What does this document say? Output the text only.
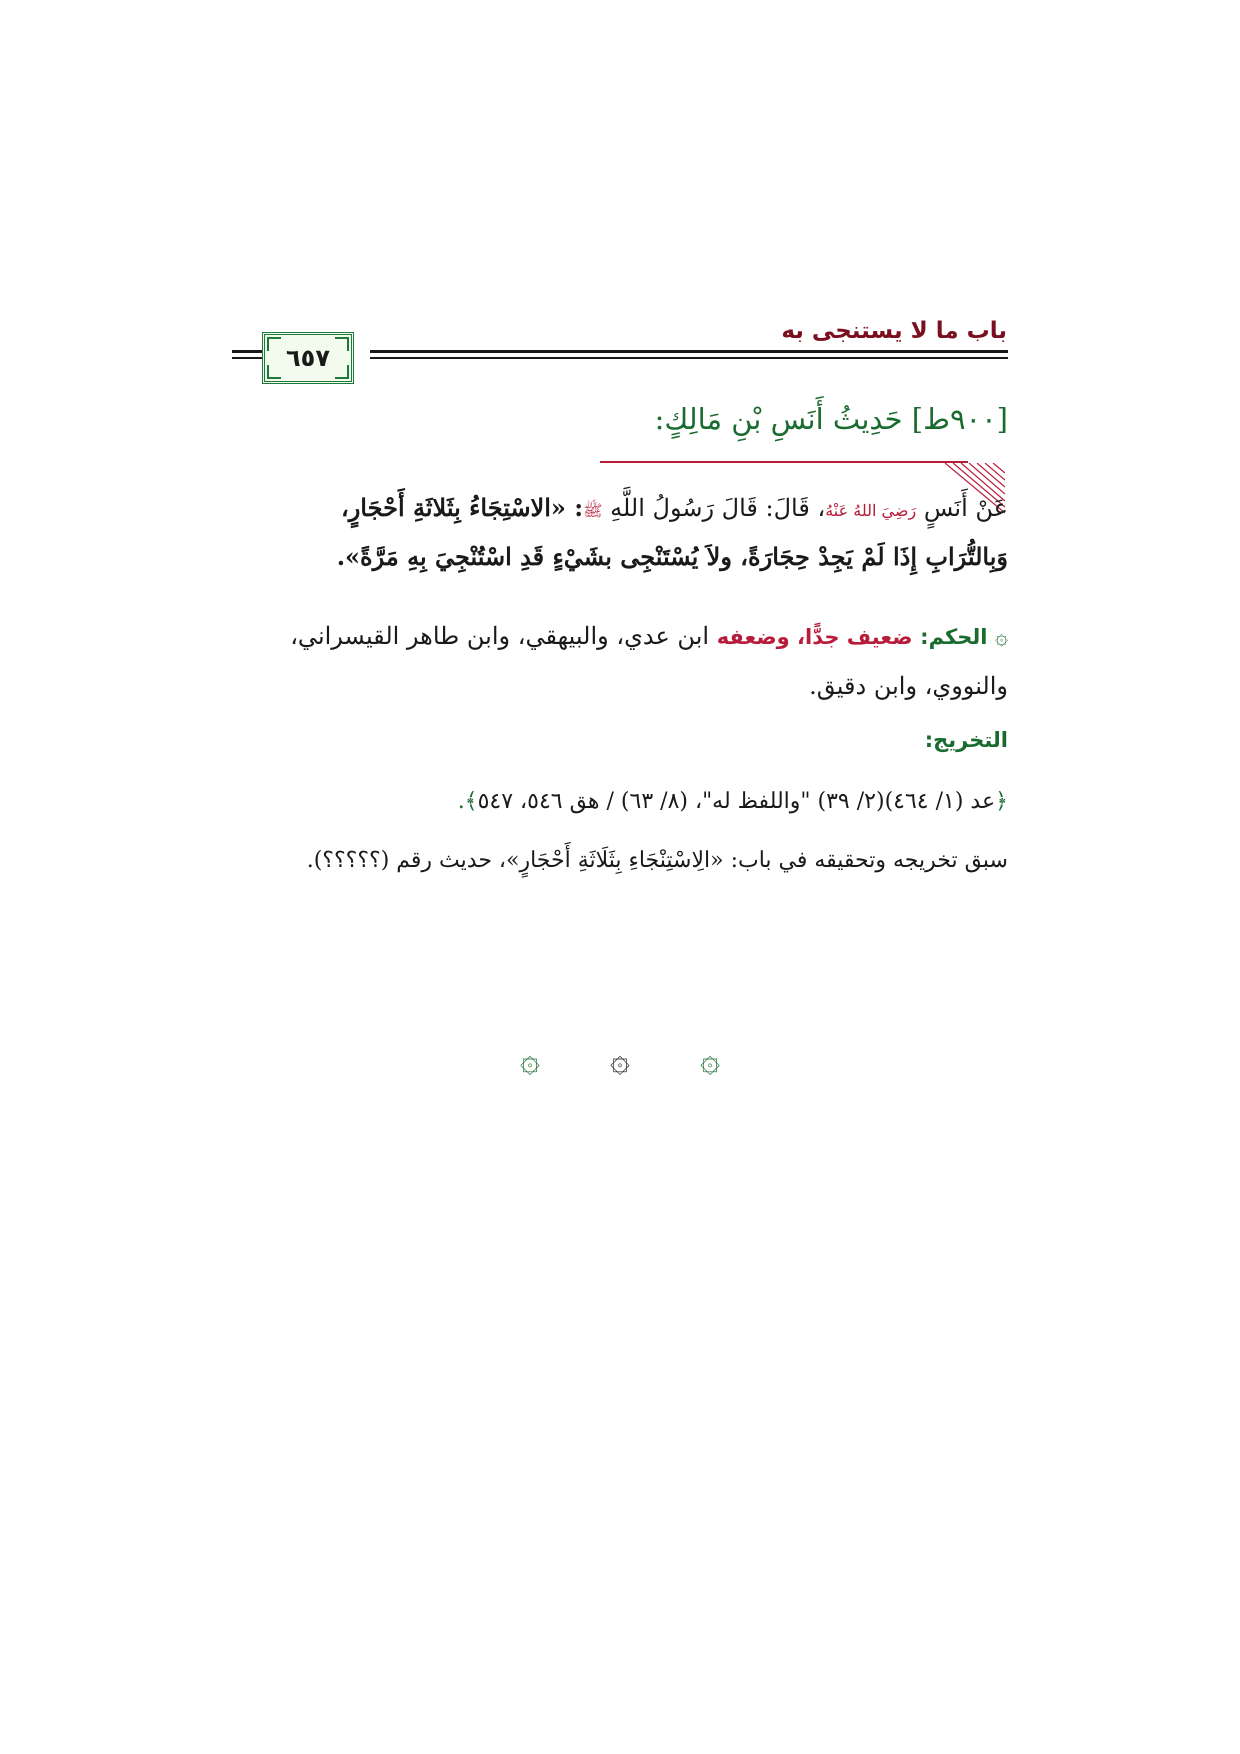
باب ما لا يستنجى به
٦٥٧
[٩٠٠ط] حَدِيثُ أَنَسِ بْنِ مَالِكٍ:
عَنْ أَنَسٍ رَضِيَ اللهُ عَنْهُ، قَالَ: قَالَ رَسُولُ اللَّهِ ﷺ: «الاسْتِجَاءُ بِثَلاثَةِ أَحْجَارٍ،
وَبِالتُّرَابِ إِذَا لَمْ يَجِدْ حِجَارَةً، ولاَ يُسْتَنْجِى بشَيْءٍ قَدِ اسْتُنْجِيَ بِهِ مَرَّةً».
۞ الحكم: ضعيف جدًّا، وضعفه ابن عدي، والبيهقي، وابن طاهر القيسراني، والنووي، وابن دقيق.
التخريج:
﴿عد (١/ ٤٦٤)(٢/ ٣٩) "واللفظ له"، (٨/ ٦٣) / هق ٥٤٦، ٥٤٧﴾.
سبق تخريجه وتحقيقه في باب: «الِاسْتِنْجَاءِ بِثَلَاثَةِ أَحْجَارٍ»، حديث رقم (؟؟؟؟؟).
۞ ۞ ۞
